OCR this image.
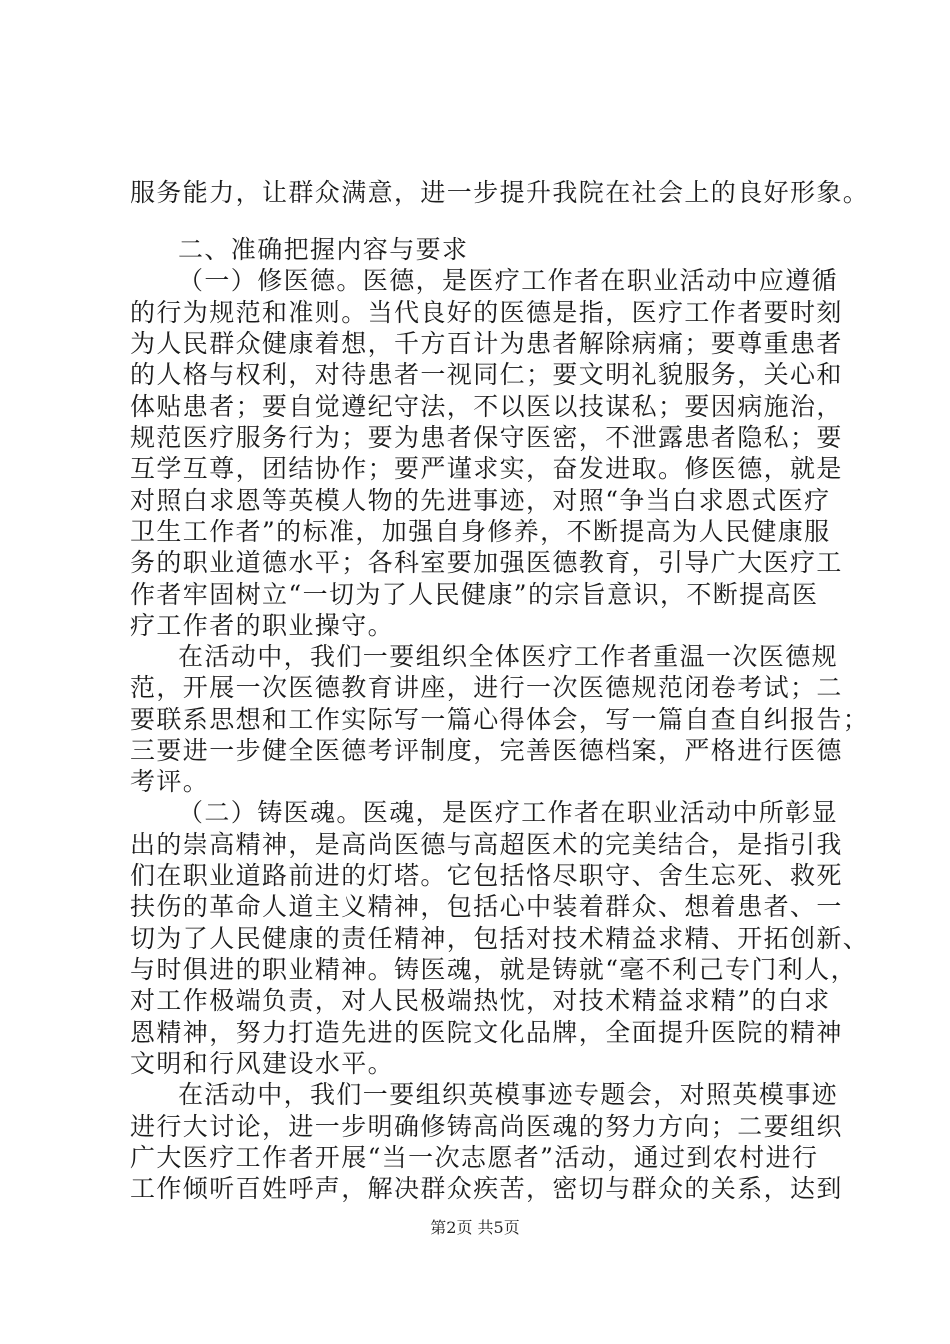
服务能力，让群众满意，进一步提升我院在社会上的良好形象。
二、准确把握内容与要求
（一）修医德。医德，是医疗工作者在职业活动中应遵循
的行为规范和准则。当代良好的医德是指，医疗工作者要时刻
为人民群众健康着想，千方百计为患者解除病痛；要尊重患者
的人格与权利，对待患者一视同仁；要文明礼貌服务，关心和
体贴患者；要自觉遵纪守法，不以医以技谋私；要因病施治，
规范医疗服务行为；要为患者保守医密，不泄露患者隐私；要
互学互尊，团结协作；要严谨求实，奋发进取。修医德，就是
对照白求恩等英模人物的先进事迹，对照“争当白求恩式医疗
卫生工作者”的标准，加强自身修养，不断提高为人民健康服
务的职业道德水平；各科室要加强医德教育，引导广大医疗工
作者牢固树立“一切为了人民健康”的宗旨意识，不断提高医
疗工作者的职业操守。
在活动中，我们一要组织全体医疗工作者重温一次医德规
范，开展一次医德教育讲座，进行一次医德规范闭卷考试；二
要联系思想和工作实际写一篇心得体会，写一篇自查自纠报告；
三要进一步健全医德考评制度，完善医德档案，严格进行医德
考评。
（二）铸医魂。医魂，是医疗工作者在职业活动中所彰显
出的崇高精神，是高尚医德与高超医术的完美结合，是指引我
们在职业道路前进的灯塔。它包括恪尽职守、舍生忘死、救死
扶伤的革命人道主义精神，包括心中装着群众、想着患者、一
切为了人民健康的责任精神，包括对技术精益求精、开拓创新、
与时俱进的职业精神。铸医魂，就是铸就“毫不利己专门利人，
对工作极端负责，对人民极端热忱，对技术精益求精”的白求
恩精神，努力打造先进的医院文化品牌，全面提升医院的精神
文明和行风建设水平。
在活动中，我们一要组织英模事迹专题会，对照英模事迹
进行大讨论，进一步明确修铸高尚医魂的努力方向；二要组织
广大医疗工作者开展“当一次志愿者”活动，通过到农村进行
工作倾听百姓呼声，解决群众疾苦，密切与群众的关系，达到
第2页 共5页
